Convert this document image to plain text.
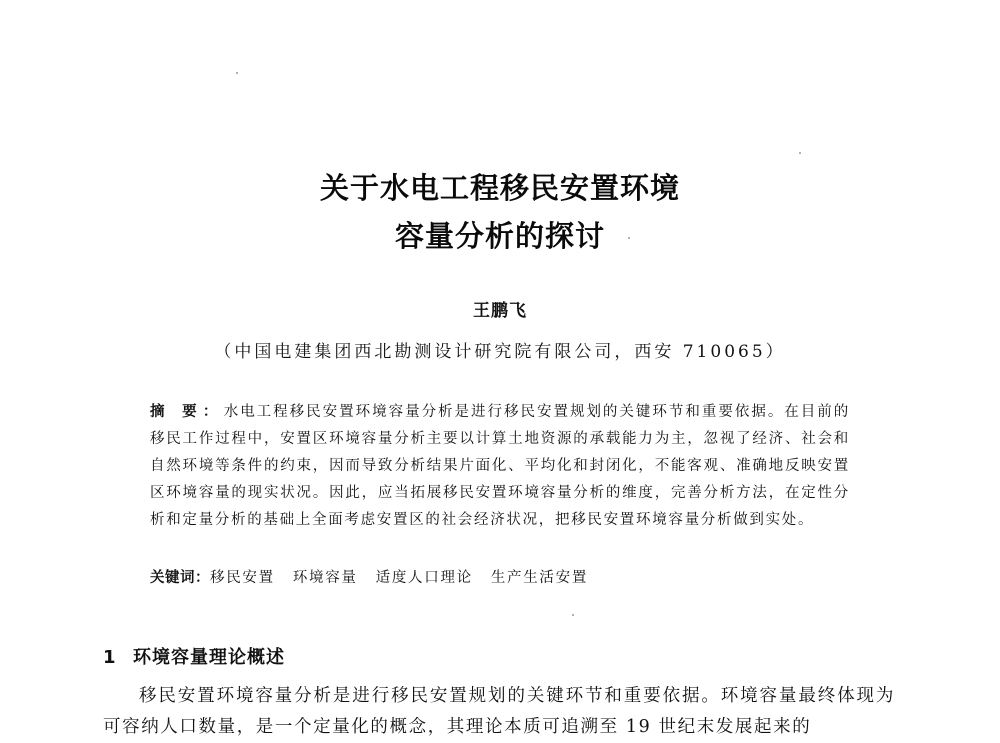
关于水电工程移民安置环境
容量分析的探讨
王鹏飞
（中国电建集团西北勘测设计研究院有限公司，西安 710065）
摘 要：水电工程移民安置环境容量分析是进行移民安置规划的关键环节和重要依据。在目前的移民工作过程中，安置区环境容量分析主要以计算土地资源的承载能力为主，忽视了经济、社会和自然环境等条件的约束，因而导致分析结果片面化、平均化和封闭化，不能客观、准确地反映安置区环境容量的现实状况。因此，应当拓展移民安置环境容量分析的维度，完善分析方法，在定性分析和定量分析的基础上全面考虑安置区的社会经济状况，把移民安置环境容量分析做到实处。
关键词：移民安置 环境容量 适度人口理论 生产生活安置
1 环境容量理论概述
移民安置环境容量分析是进行移民安置规划的关键环节和重要依据。环境容量最终体现为可容纳人口数量，是一个定量化的概念，其理论本质可追溯至 19 世纪末发展起来的
